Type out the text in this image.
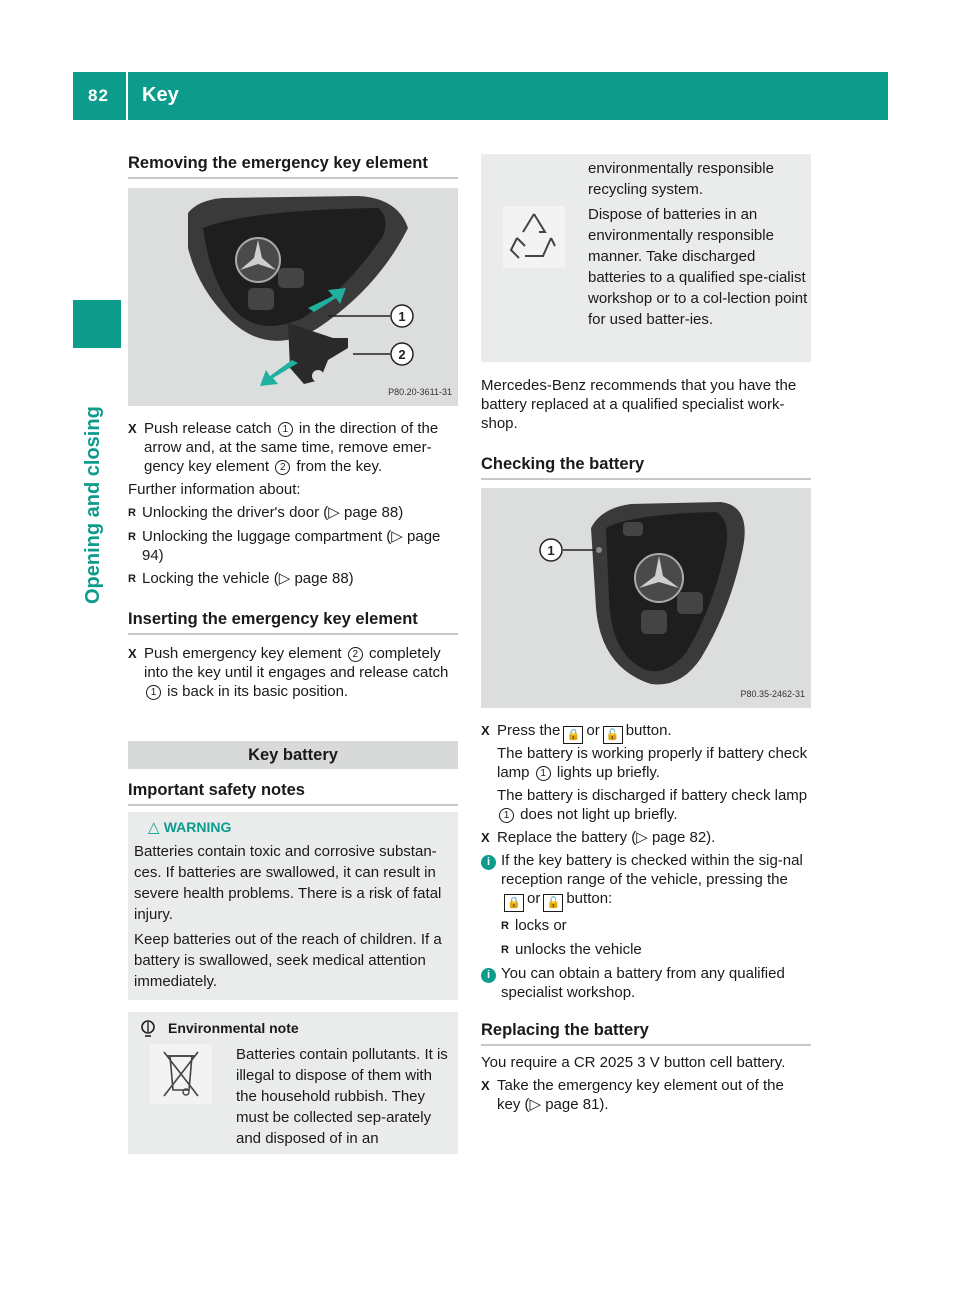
82 Key
Opening and closing
Removing the emergency key element
1
2
P80.20-3611-31
X Push release catch 1 in the direction of the arrow and, at the same time, remove emer-gency key element 2 from the key.
Further information about:
R Unlocking the driver's door (▷ page 88)
R Unlocking the luggage compartment (▷ page 94)
R Locking the vehicle (▷ page 88)
Inserting the emergency key element
X Push emergency key element 2 completely into the key until it engages and release catch 1 is back in its basic position.
Key battery
Important safety notes
△ WARNING
Batteries contain toxic and corrosive substan-ces. If batteries are swallowed, it can result in severe health problems. There is a risk of fatal injury.
Keep batteries out of the reach of children. If a battery is swallowed, seek medical attention immediately.
Environmental note
Batteries contain pollutants. It is illegal to dispose of them with the household rubbish. They must be collected sep-arately and disposed of in an
environmentally responsible recycling system.
Dispose of batteries in an environmentally responsible manner. Take discharged batteries to a qualified spe-cialist workshop or to a col-lection point for used batter-ies.
Mercedes-Benz recommends that you have the battery replaced at a qualified specialist work-shop.
Checking the battery
1
P80.35-2462-31
X Press the 🔒 or 🔓 button.
The battery is working properly if battery check lamp 1 lights up briefly.
The battery is discharged if battery check lamp 1 does not light up briefly.
X Replace the battery (▷ page 82).
i If the key battery is checked within the sig-nal reception range of the vehicle, pressing the🔒 or 🔓 button:
R locks or
R unlocks the vehicle
i You can obtain a battery from any qualified specialist workshop.
Replacing the battery
You require a CR 2025 3 V button cell battery.
X Take the emergency key element out of the key (▷ page 81).
